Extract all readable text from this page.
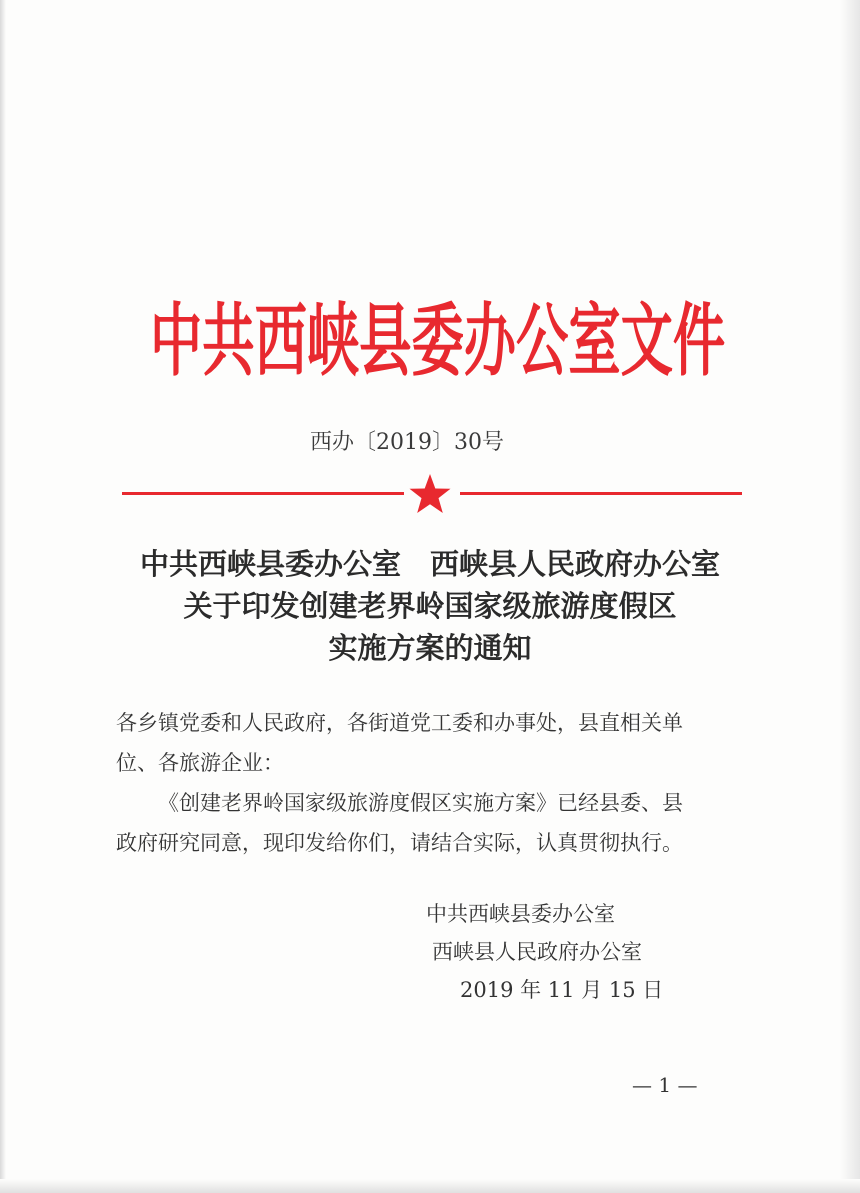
中共西峡县委办公室文件
西办〔2019〕30号
中共西峡县委办公室　西峡县人民政府办公室
关于印发创建老界岭国家级旅游度假区
实施方案的通知

各乡镇党委和人民政府，各街道党工委和办事处，县直相关单

位、各旅游企业：

《创建老界岭国家级旅游度假区实施方案》已经县委、县

政府研究同意，现印发给你们，请结合实际，认真贯彻执行。

中共西峡县委办公室
西峡县人民政府办公室
2019 年 11 月 15 日
— 1 —
